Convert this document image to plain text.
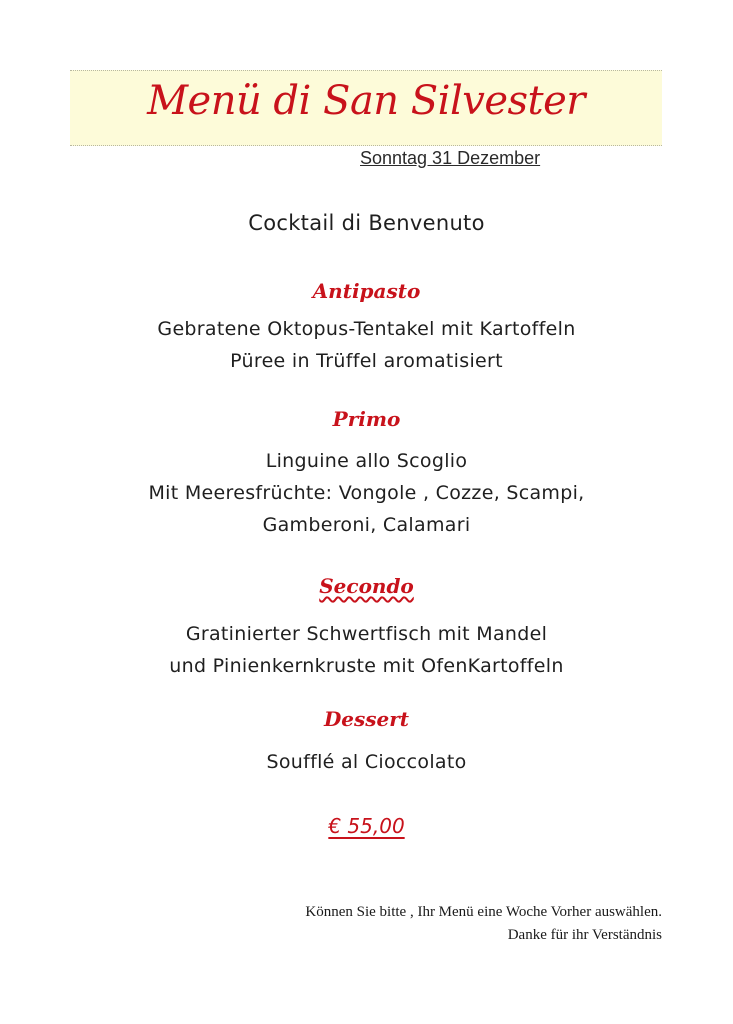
Menü di San Silvester
Sonntag 31 Dezember
Cocktail di Benvenuto
Antipasto
Gebratene Oktopus-Tentakel mit Kartoffeln
Püree in Trüffel aromatisiert
Primo
Linguine allo Scoglio
Mit Meeresfrüchte: Vongole , Cozze, Scampi,
Gamberoni, Calamari
Secondo
Gratinierter Schwertfisch mit Mandel
und Pinienkernkruste mit OfenKartoffeln
Dessert
Soufflé al Cioccolato
€ 55,00
Können Sie bitte , Ihr Menü eine Woche Vorher auswählen.
Danke für ihr Verständnis
